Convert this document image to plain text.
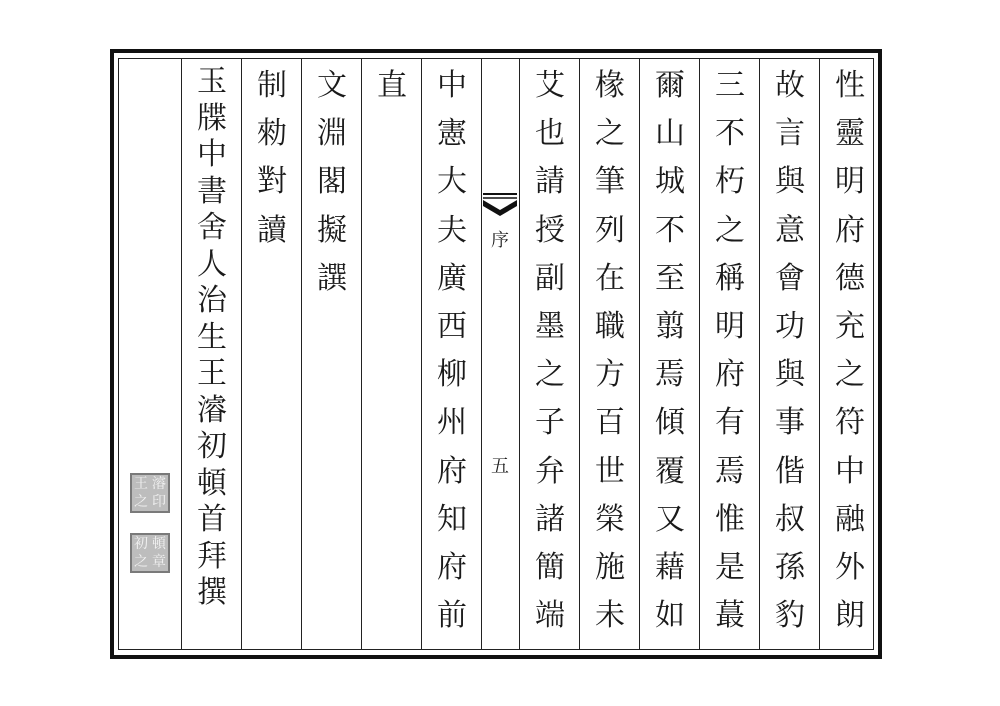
序
五
性
靈
明
府
德
充
之
符
中
融
外
朗
故
言
與
意
會
功
與
事
偕
叔
孫
豹
三
不
朽
之
稱
明
府
有
焉
惟
是
蕞
爾
山
城
不
至
翦
焉
傾
覆
又
藉
如
椽
之
筆
列
在
職
方
百
世
榮
施
未
艾
也
請
授
副
墨
之
子
弁
諸
簡
端
中
憲
大
夫
廣
西
柳
州
府
知
府
前
直
文
淵
閣
擬
譔
制
勑
對
讀
玉
牒
中
書
舍
人
治
生
王
濬
初
頓
首
拜
撰
王 濬
之 印
初 頓
之 章
